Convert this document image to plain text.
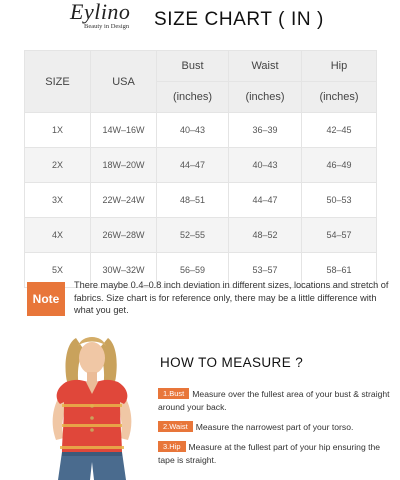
Eylino
Beauty in Design	SIZE CHART ( IN )
SIZE	USA	Bust	Waist	Hip
		(inches)	(inches)	(inches)
1X	14W–16W	40–43	36–39	42–45
2X	18W–20W	44–47	40–43	46–49
3X	22W–24W	48–51	44–47	50–53
4X	26W–28W	52–55	48–52	54–57
5X	30W–32W	56–59	53–57	58–61
Note
There maybe 0.4–0.8 inch deviation in different sizes, locations and stretch of fabrics. Size chart is for reference only, there may be a little difference with what you get.
HOW TO MEASURE ?
1.Bust Measure over the fullest area of your bust & straight around your back.
2.Waist Measure the narrowest part of your torso.
3.Hip Measure at the fullest part of your hip ensuring the tape is straight.
